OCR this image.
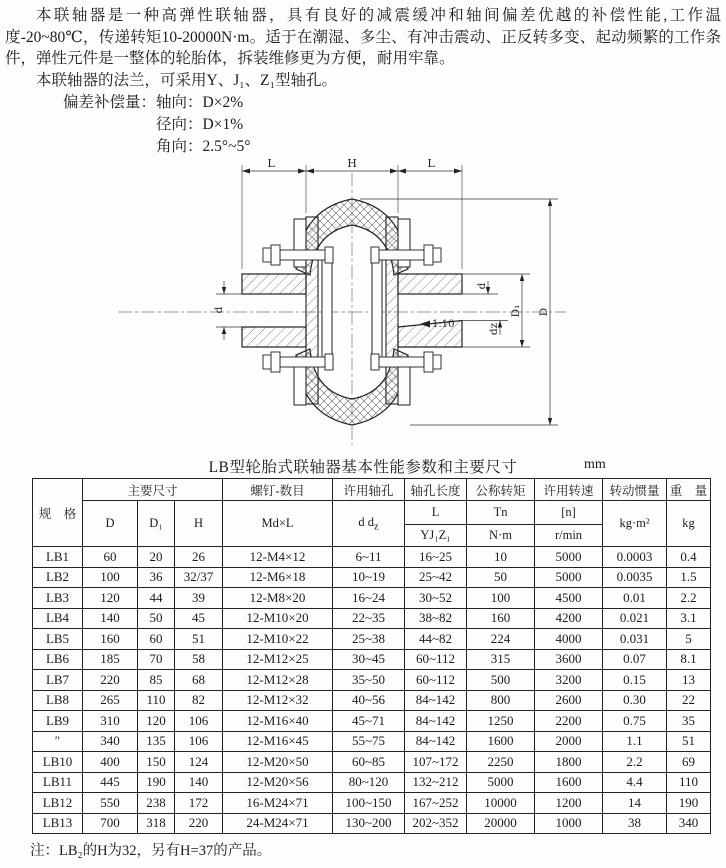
本联轴器是一种高弹性联轴器，具有良好的减震缓冲和轴间偏差优越的补偿性能,工作温度-20~80℃，传递转矩10-20000N·m。适于在潮湿、多尘、有冲击震动、正反转多变、起动频繁的工作条件，弹性元件是一整体的轮胎体，拆装维修更为方便，耐用牢靠。

本联轴器的法兰，可采用Y、J₁、Z₁型轴孔。

偏差补偿量： 轴向：D×2%
径向：D×1%
角向：2.5°~5°
L	H	L
d
d
dz
D₁ D
1:10
LB型轮胎式联轴器基本性能参数和主要尺寸	mm
规　格	主要尺寸			螺钉-数目	许用轴孔	轴孔长度	公称转矩	许用转速	转动惯量	重　量
	D	D₁	H	Md×L	d $d_z$	L	Tn	[n]	kg·m²	kg
						YJ₁Z₁	N·m	r/min		
LB1	60	20	26	12-M4×12	6~11	16~25	10	5000	0.0003	0.4
LB2	100	36	32/37	12-M6×18	10~19	25~42	50	5000	0.0035	1.5
LB3	120	44	39	12-M8×20	16~24	30~52	100	4500	0.01	2.2
LB4	140	50	45	12-M10×20	22~35	38~82	160	4200	0.021	3.1
LB5	160	60	51	12-M10×22	25~38	44~82	224	4000	0.031	5
LB6	185	70	58	12-M12×25	30~45	60~112	315	3600	0.07	8.1
LB7	220	85	68	12-M12×28	35~50	60~112	500	3200	0.15	13
LB8	265	110	82	12-M12×32	40~56	84~142	800	2600	0.30	22
LB9	310	120	106	12-M16×40	45~71	84~142	1250	2200	0.75	35
″	340	135	106	12-M16×45	55~75	84~142	1600	2000	1.1	51
LB10	400	150	124	12-M20×50	60~85	107~172	2250	1800	2.2	69
LB11	445	190	140	12-M20×56	80~120	132~212	5000	1600	4.4	110
LB12	550	238	172	16-M24×71	100~150	167~252	10000	1200	14	190
LB13	700	318	220	24-M24×71	130~200	202~352	20000	1000	38	340
注：LB₂的H为32，另有H=37的产品。
